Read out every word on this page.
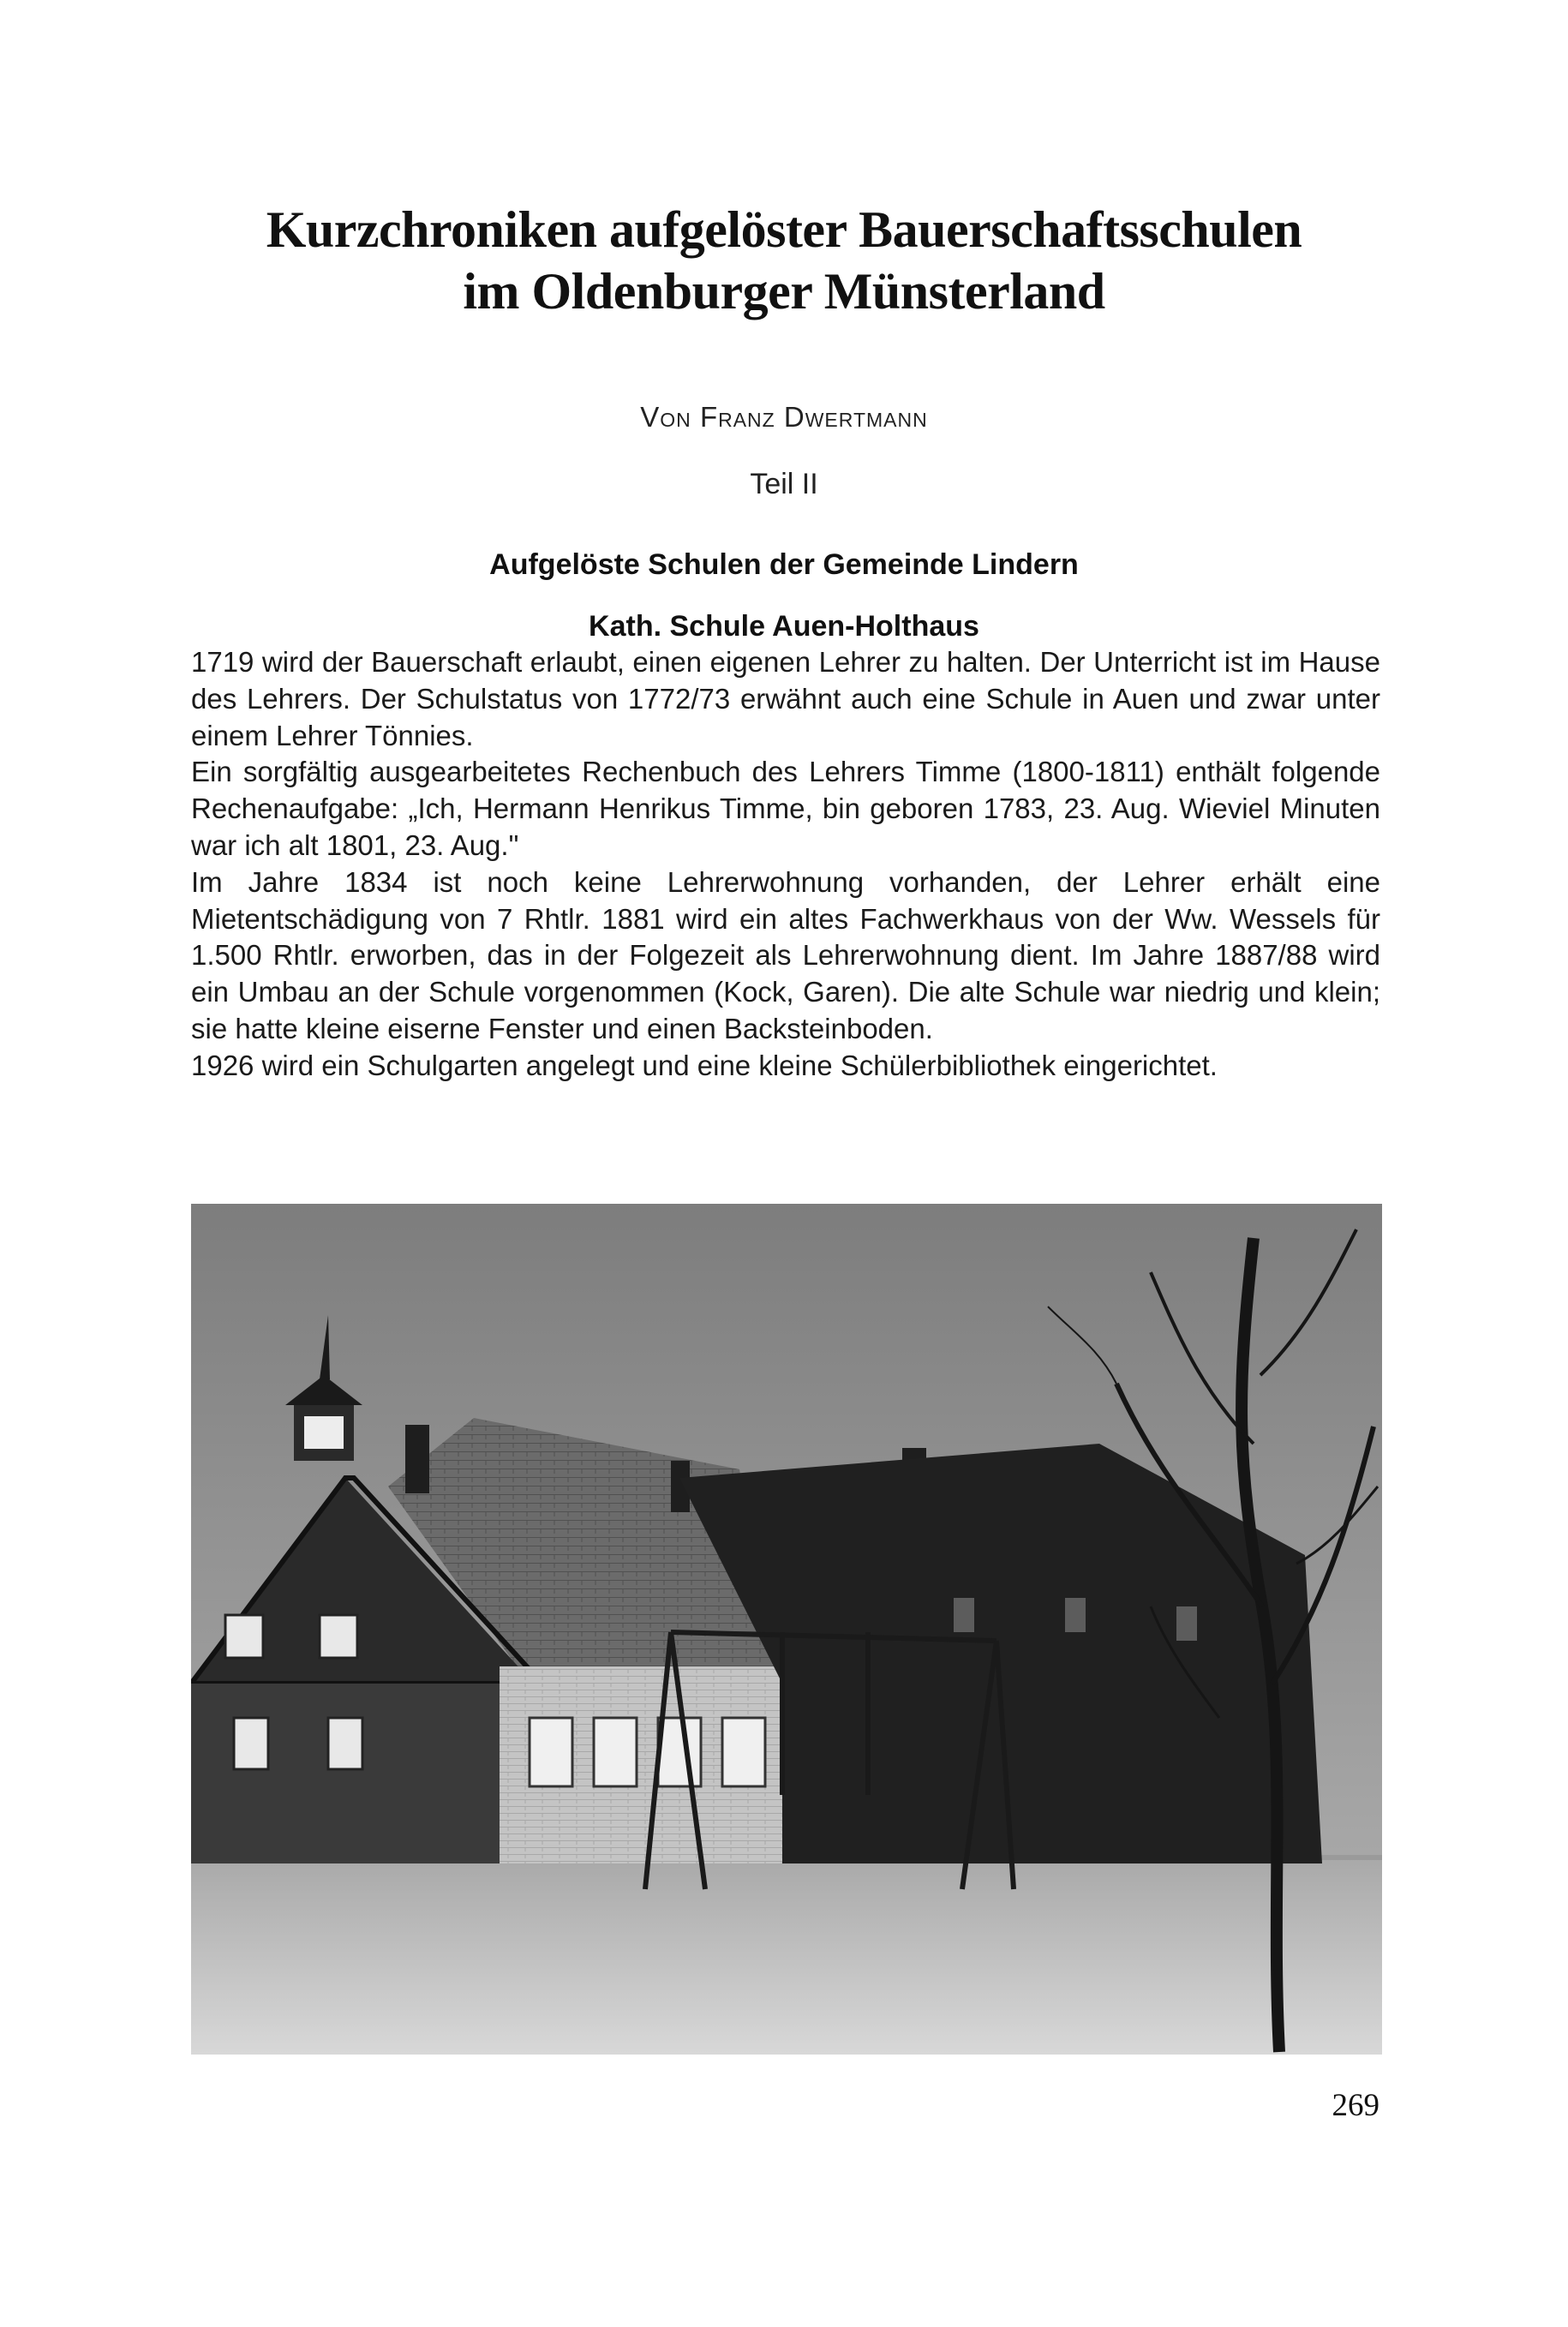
Kurzchroniken aufgelöster Bauerschaftsschulen
im Oldenburger Münsterland
Von Franz Dwertmann
Teil II
Aufgelöste Schulen der Gemeinde Lindern
Kath. Schule Auen-Holthaus

1719 wird der Bauerschaft erlaubt, einen eigenen Lehrer zu halten. Der Unterricht ist im Hause des Lehrers. Der Schulstatus von 1772/73 erwähnt auch eine Schule in Auen und zwar unter einem Lehrer Tönnies.

Ein sorgfältig ausgearbeitetes Rechenbuch des Lehrers Timme (1800-1811) enthält folgende Rechenaufgabe: „Ich, Hermann Henrikus Timme, bin geboren 1783, 23. Aug. Wieviel Minuten war ich alt 1801, 23. Aug."

Im Jahre 1834 ist noch keine Lehrerwohnung vorhanden, der Lehrer erhält eine Mietentschädigung von 7 Rhtlr. 1881 wird ein altes Fachwerkhaus von der Ww. Wessels für 1.500 Rhtlr. erworben, das in der Folgezeit als Lehrerwohnung dient. Im Jahre 1887/88 wird ein Umbau an der Schule vorgenommen (Kock, Garen). Die alte Schule war niedrig und klein; sie hatte kleine eiserne Fenster und einen Backsteinboden.

1926 wird ein Schulgarten angelegt und eine kleine Schülerbibliothek eingerichtet.

269
